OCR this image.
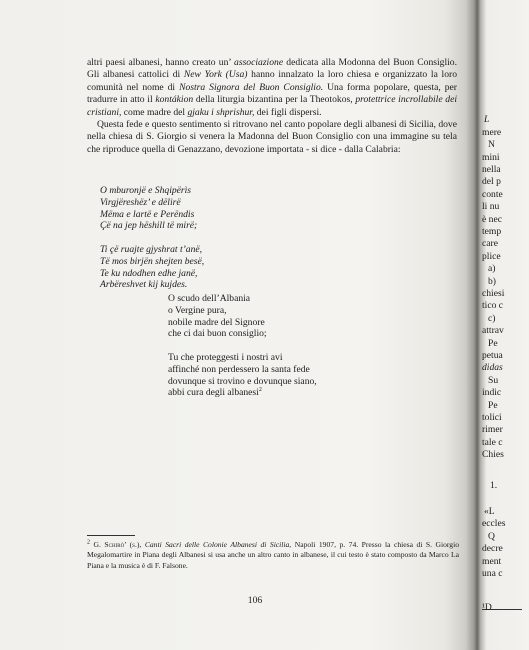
altri paesi albanesi, hanno creato un’ associazione dedicata alla Modonna del Buon Consiglio. Gli albanesi cattolici di New York (Usa) hanno innalzato la loro chiesa e organizzato la loro comunità nel nome di Nostra Signora del Buon Consiglio. Una forma popolare, questa, per tradurre in atto il kontákion della liturgia bizantina per la Theotokos, protettrice incrollabile dei cristiani, come madre del gjaku i shprishur, dei figli dispersi.

Questa fede e questo sentimento si ritrovano nel canto popolare degli albanesi di Sicilia, dove nella chiesa di S. Giorgio si venera la Madonna del Buon Consiglio con una immagine su tela che riproduce quella di Genazzano, devozione importata - si dice - dalla Calabria:

O mburonjë e Shqipërìs
Virgjëreshëz’ e dëlirë
Mëma e lartë e Perëndis
Çë na jep hëshill të mirë;
Ti çë ruajte gjyshrat t’anë,
Të mos birjën shejten besë,
Te ku ndodhen edhe janë,
Arbëreshvet kij kujdes.
O scudo dell’Albania
o Vergine pura,
nobile madre del Signore
che ci dai buon consiglio;
Tu che proteggesti i nostri avi
affinché non perdessero la santa fede
dovunque si trovino e dovunque siano,
abbi cura degli albanesi$^2$
$^2$ G. Schirò’ (s.), Canti Sacri delle Colonie Albanesi di Sicilia, Napoli 1907, p. 74. Presso la chiesa di S. Giorgio Megalomartire in Piana degli Albanesi si usa anche un altro canto in albanese, il cui testo è stato composto da Marco La Piana e la musica è di F. Falsone.
106
L
mere
N
mini
nella
del p
conte
li nu
è nec
temp
care
plice
a)
b)
chiesi
tico c
c)
attrav
Pe
petua
didas
Su
indic
Pe
tolici
rimer
tale c
Chies
1.
«L
eccles
Q
decre
ment
una c
¹D
